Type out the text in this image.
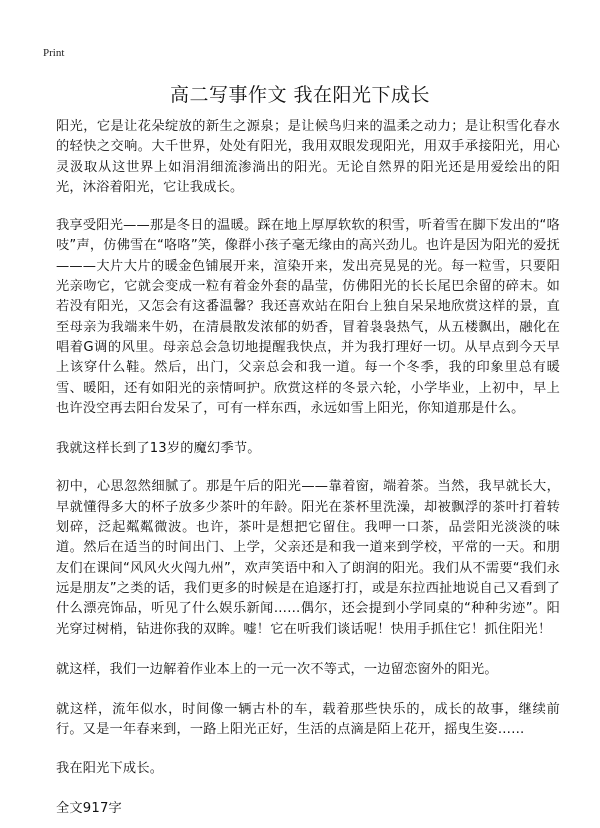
Print
高二写事作文 我在阳光下成长

阳光，它是让花朵绽放的新生之源泉；是让候鸟归来的温柔之动力；是让积雪化春水的轻快之交响。大千世界，处处有阳光，我用双眼发现阳光，用双手承接阳光，用心灵汲取从这世界上如涓涓细流渗淌出的阳光。无论自然界的阳光还是用爱绘出的阳光，沐浴着阳光，它让我成长。

我享受阳光——那是冬日的温暖。踩在地上厚厚软软的积雪，听着雪在脚下发出的“咯吱”声，仿佛雪在“咯咯”笑，像群小孩子毫无缘由的高兴劲儿。也许是因为阳光的爱抚———大片大片的暖金色铺展开来，渲染开来，发出亮晃晃的光。每一粒雪，只要阳光亲吻它，它就会变成一粒有着金外套的晶莹，仿佛阳光的长长尾巴余留的碎末。如若没有阳光，又怎会有这番温馨？我还喜欢站在阳台上独自呆呆地欣赏这样的景，直至母亲为我端来牛奶，在清晨散发浓郁的奶香，冒着袅袅热气，从五楼飘出，融化在唱着G调的风里。母亲总会急切地提醒我快点，并为我打理好一切。从早点到今天早上该穿什么鞋。然后，出门，父亲总会和我一道。每一个冬季，我的印象里总有暖雪、暖阳，还有如阳光的亲情呵护。欣赏这样的冬景六轮，小学毕业，上初中，早上也许没空再去阳台发呆了，可有一样东西，永远如雪上阳光，你知道那是什么。

我就这样长到了13岁的魔幻季节。

初中，心思忽然细腻了。那是午后的阳光——靠着窗，端着茶。当然，我早就长大，早就懂得多大的杯子放多少茶叶的年龄。阳光在茶杯里洗澡，却被飘浮的茶叶打着转划碎，泛起粼粼微波。也许，茶叶是想把它留住。我呷一口茶，品尝阳光淡淡的味道。然后在适当的时间出门、上学，父亲还是和我一道来到学校，平常的一天。和朋友们在课间“风风火火闯九州”，欢声笑语中和入了朗润的阳光。我们从不需要“我们永远是朋友”之类的话，我们更多的时候是在追逐打打，或是东拉西扯地说自己又看到了什么漂亮饰品，听见了什么娱乐新闻……偶尔，还会提到小学同桌的“种种劣迹”。阳光穿过树梢，钻进你我的双眸。嘘！它在听我们谈话呢！快用手抓住它！抓住阳光！

就这样，我们一边解着作业本上的一元一次不等式，一边留恋窗外的阳光。

就这样，流年似水，时间像一辆古朴的车，载着那些快乐的，成长的故事，继续前行。又是一年春来到，一路上阳光正好，生活的点滴是陌上花开，摇曳生姿……

我在阳光下成长。

全文917字
